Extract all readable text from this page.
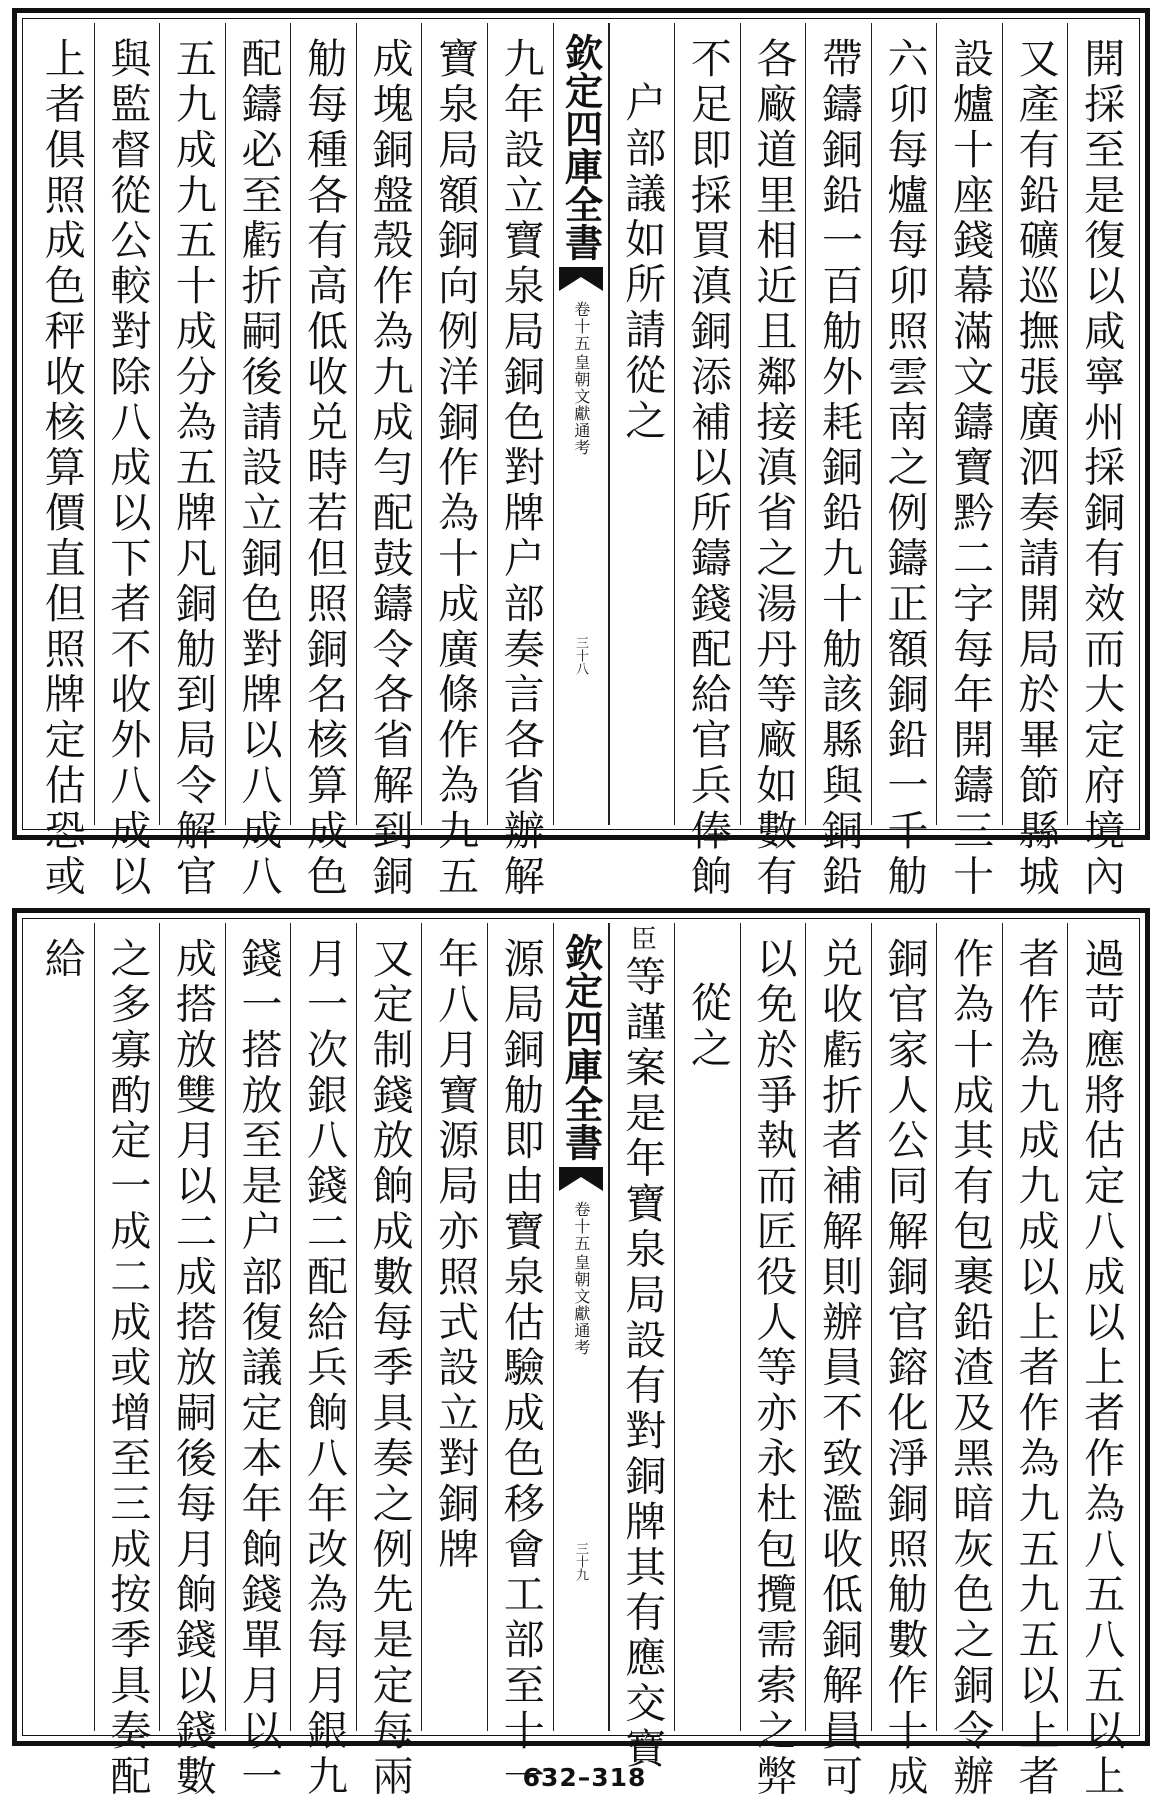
開採至是復以咸寧州採銅有效而大定府境內
又產有鉛礦巡撫張廣泗奏請開局於畢節縣城
設爐十座錢幕滿文鑄寶黔二字每年開鑄三十
六卯每爐每卯照雲南之例鑄正額銅鉛一千觔
帶鑄銅鉛一百觔外耗銅鉛九十觔該縣與銅鉛
各廠道里相近且鄰接滇省之湯丹等廠如數有
不足即採買滇銅添補以所鑄錢配給官兵俸餉
户部議如所請從之
欽定四庫全書
皇朝文獻通考
卷十五
三十八
九年設立寶泉局銅色對牌户部奏言各省辦解
寶泉局額銅向例洋銅作為十成廣條作為九五
成塊銅盤殼作為九成勻配鼓鑄令各省解到銅
觔每種各有高低收兑時若但照銅名核算成色
配鑄必至虧折嗣後請設立銅色對牌以八成八
五九成九五十成分為五牌凡銅觔到局令解官
與監督從公較對除八成以下者不收外八成以
上者俱照成色秤收核算價直但照牌定估恐或
過苛應將估定八成以上者作為八五八五以上
者作為九成九成以上者作為九五九五以上者
作為十成其有包裹鉛渣及黑暗灰色之銅令辦
銅官家人公同解銅官鎔化淨銅照觔數作十成
兑收虧折者補解則辦員不致濫收低銅解員可
以免於爭執而匠役人等亦永杜包攬需索之弊
從之
臣
等謹案是年寶泉局設有對銅牌其有應交寶
欽定四庫全書
皇朝文獻通考
卷十五
三十九
源局銅觔即由寶泉估驗成色移會工部至十一
年八月寶源局亦照式設立對銅牌
又定制錢放餉成數每季具奏之例先是定每兩
月一次銀八錢二配給兵餉八年改為每月銀九
錢一搭放至是户部復議定本年餉錢單月以一
成搭放雙月以二成搭放嗣後每月餉錢以錢數
之多寡酌定一成二成或增至三成按季具奏配
給
632–318
